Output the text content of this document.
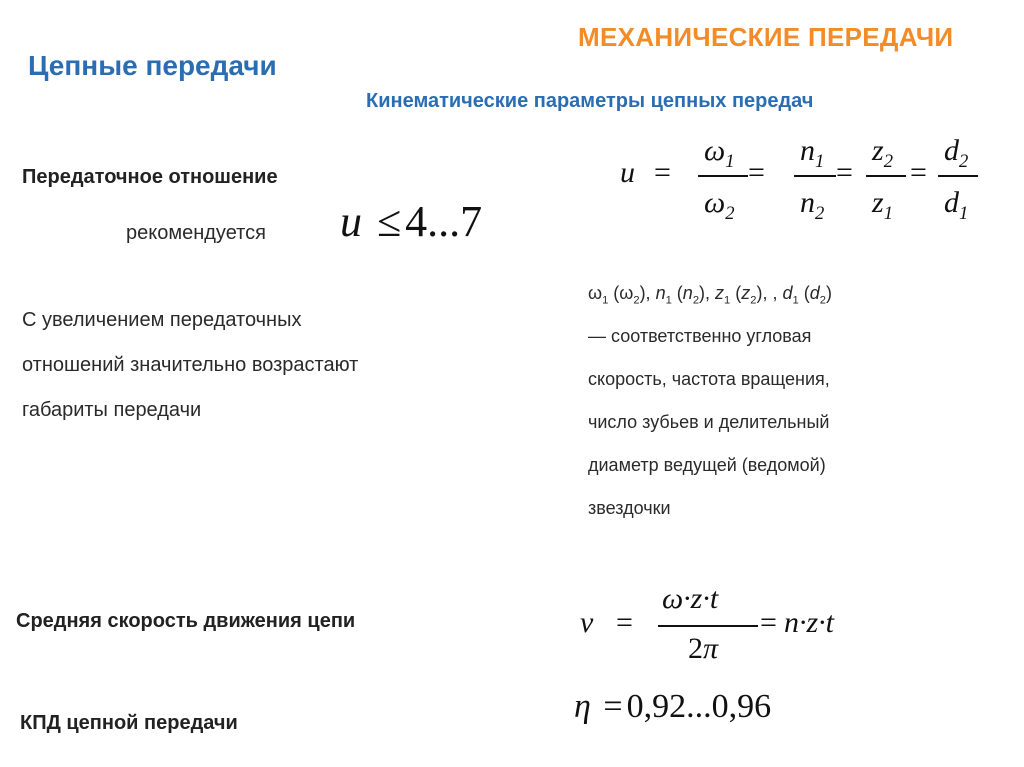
МЕХАНИЧЕСКИЕ ПЕРЕДАЧИ
Цепные передачи
Кинематические параметры цепных передач
Передаточное отношение
рекомендуется u ≤4...7
С увеличением передаточных
отношений значительно возрастают
габариты передачи
u =
$\omega_1$
$\omega_2$
=
$n_1$
$n_2$
=
$z_2$
$z_1$
=
$d_2$
$d_1$
$\omega_1$ $(\omega_2)$, $n_1$ $(n_2)$, $z_1$ $(z_2)$, , $d_1$ $(d_2)$
— соответственно угловая
скорость, частота вращения,
число зубьев и делительный
диаметр ведущей (ведомой)
звездочки
Средняя скорость движения цепи	v =
ω·z·t
2π
= n·z·t
КПД цепной передачи	η = 0,92...0,96
